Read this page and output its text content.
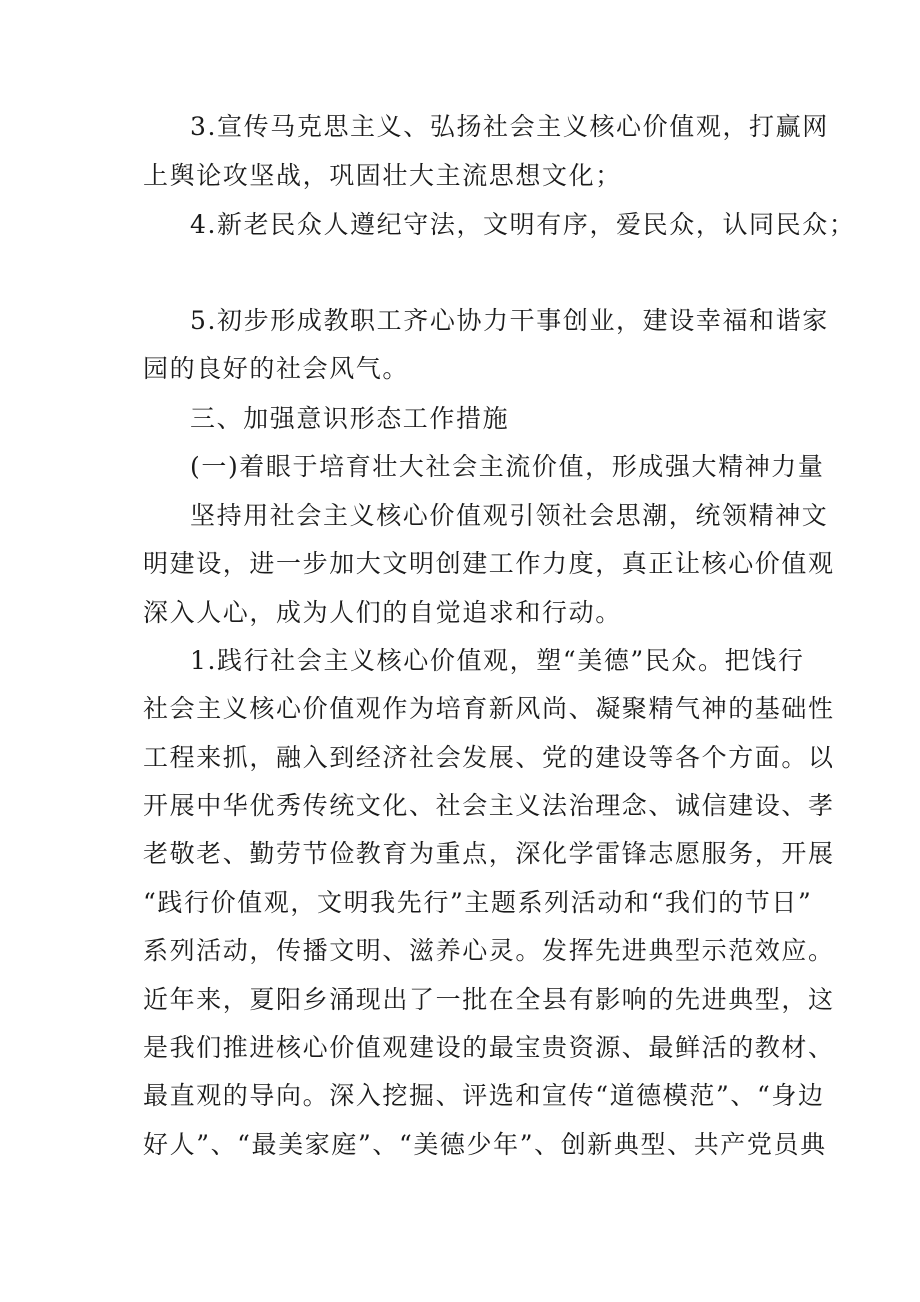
3.宣传马克思主义、弘扬社会主义核心价值观，打赢网
上舆论攻坚战，巩固壮大主流思想文化；
4.新老民众人遵纪守法，文明有序，爱民众，认同民众；
5.初步形成教职工齐心协力干事创业，建设幸福和谐家
园的良好的社会风气。
三、加强意识形态工作措施
(一)着眼于培育壮大社会主流价值，形成强大精神力量
坚持用社会主义核心价值观引领社会思潮，统领精神文
明建设，进一步加大文明创建工作力度，真正让核心价值观
深入人心，成为人们的自觉追求和行动。
1.践行社会主义核心价值观，塑“美德”民众。把饯行
社会主义核心价值观作为培育新风尚、凝聚精气神的基础性
工程来抓，融入到经济社会发展、党的建设等各个方面。以
开展中华优秀传统文化、社会主义法治理念、诚信建设、孝
老敬老、勤劳节俭教育为重点，深化学雷锋志愿服务，开展
“践行价值观，文明我先行”主题系列活动和“我们的节日”
系列活动，传播文明、滋养心灵。发挥先进典型示范效应。
近年来，夏阳乡涌现出了一批在全县有影响的先进典型，这
是我们推进核心价值观建设的最宝贵资源、最鲜活的教材、
最直观的导向。深入挖掘、评选和宣传“道德模范”、“身边
好人”、“最美家庭”、“美德少年”、创新典型、共产党员典
